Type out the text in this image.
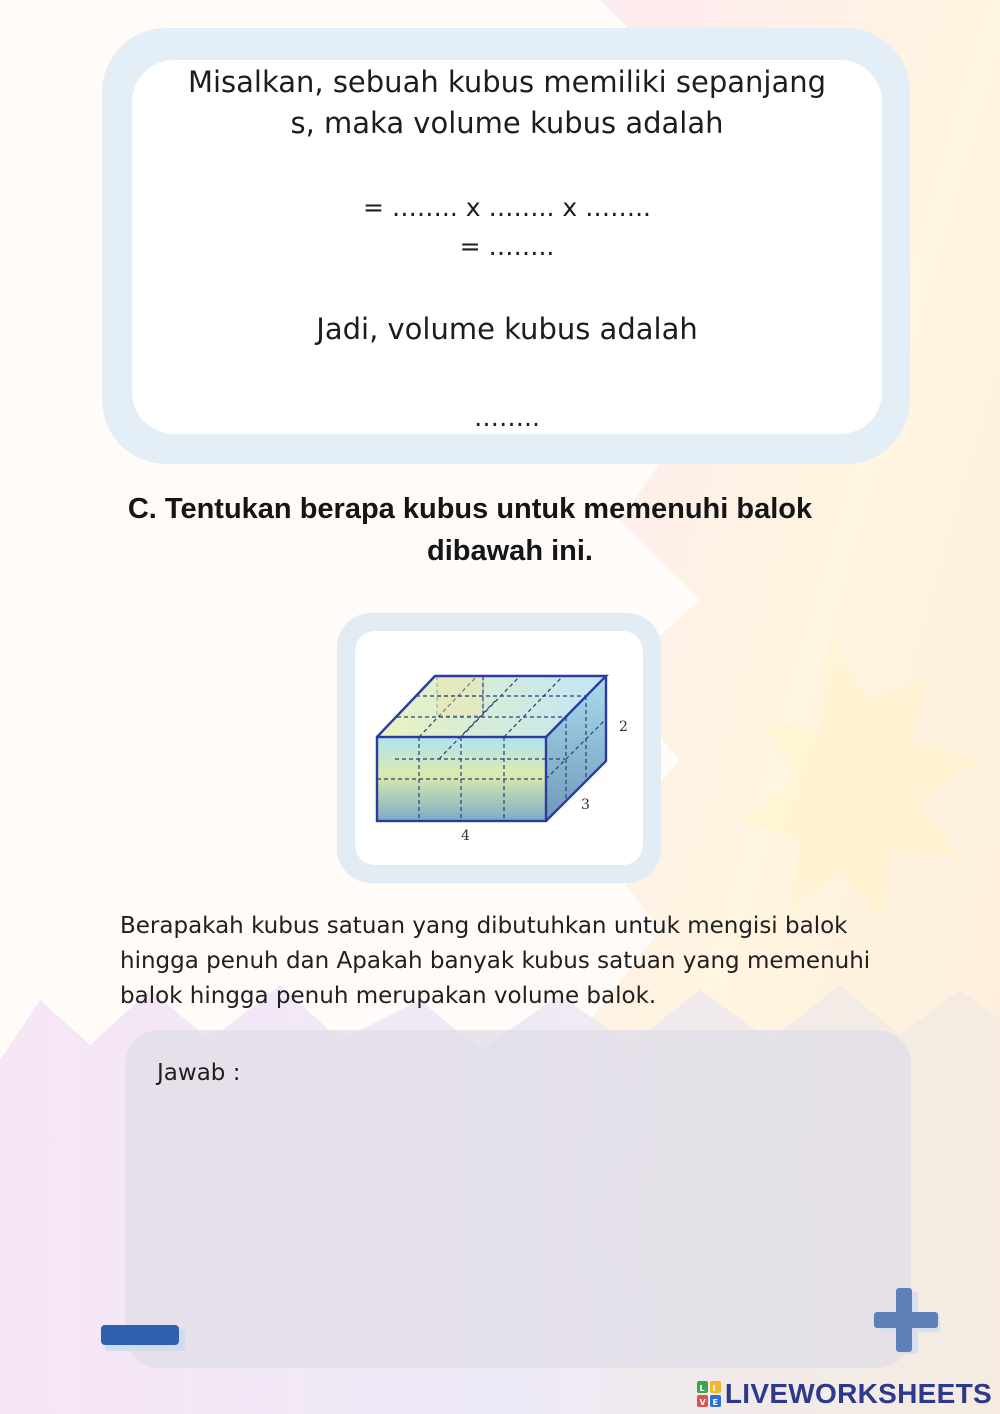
Misalkan, sebuah kubus memiliki sepanjang
s, maka volume kubus adalah
= …….. x …….. x ……..
= ……..
Jadi, volume kubus adalah
……..
C. Tentukan berapa kubus untuk memenuhi balok
dibawah ini.
2
3
4
Berapakah kubus satuan yang dibutuhkan untuk mengisi balok hingga penuh dan Apakah banyak kubus satuan yang memenuhi balok hingga penuh merupakan volume balok.
Jawab :
L I
V E LIVEWORKSHEETS
